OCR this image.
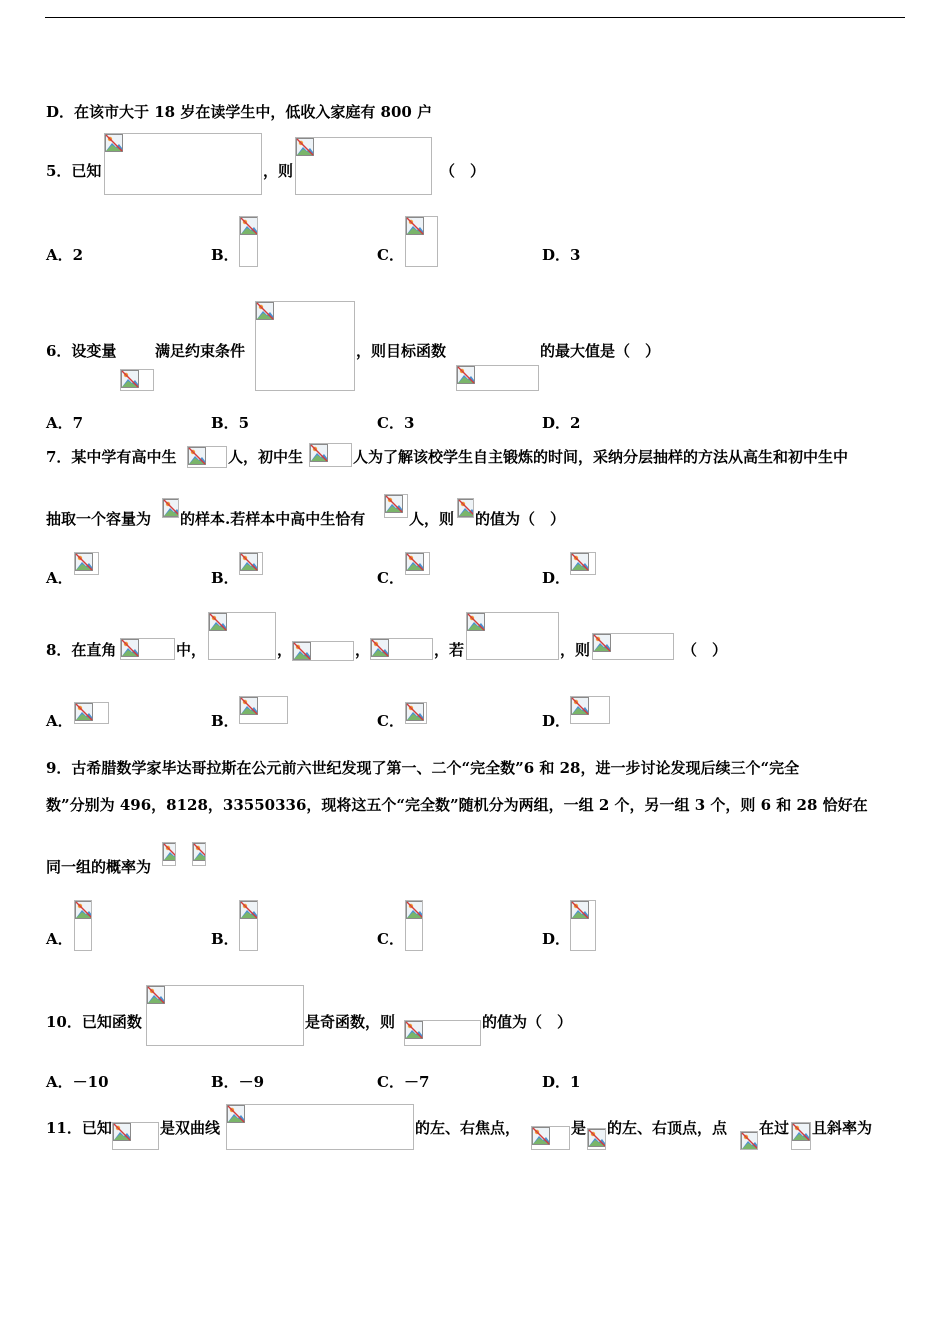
D．在该市大于 18 岁在读学生中，低收入家庭有 800 户
5．已知	，则	（　）
A．2	B．	C．	D．3
6．设变量	满足约束条件	，则目标函数	的最大值是（　）
A．7	B．5	C．3	D．2
7．某中学有高中生	人，初中生	人为了解该校学生自主锻炼的时间，采纳分层抽样的方法从高生和初中生中
抽取一个容量为 的样本.若样本中高中生恰有	人，则 的值为（　）
A．	B．	C．	D．
8．在直角	中，	，	，	，若	，则	（　）
A．	B．	C．	D．
9．古希腊数学家毕达哥拉斯在公元前六世纪发现了第一、二个“完全数”6 和 28，进一步讨论发现后续三个“完全
数”分别为 496，8128，33550336，现将这五个“完全数”随机分为两组，一组 2 个，另一组 3 个，则 6 和 28 恰好在
同一组的概率为
A．	B．	C．	D．
10．已知函数	是奇函数，则	的值为（　）
A．－10	B．－9	C．－7	D．1
11．已知	是双曲线	的左、右焦点，	是 的左、右顶点，点 在过 且斜率为
